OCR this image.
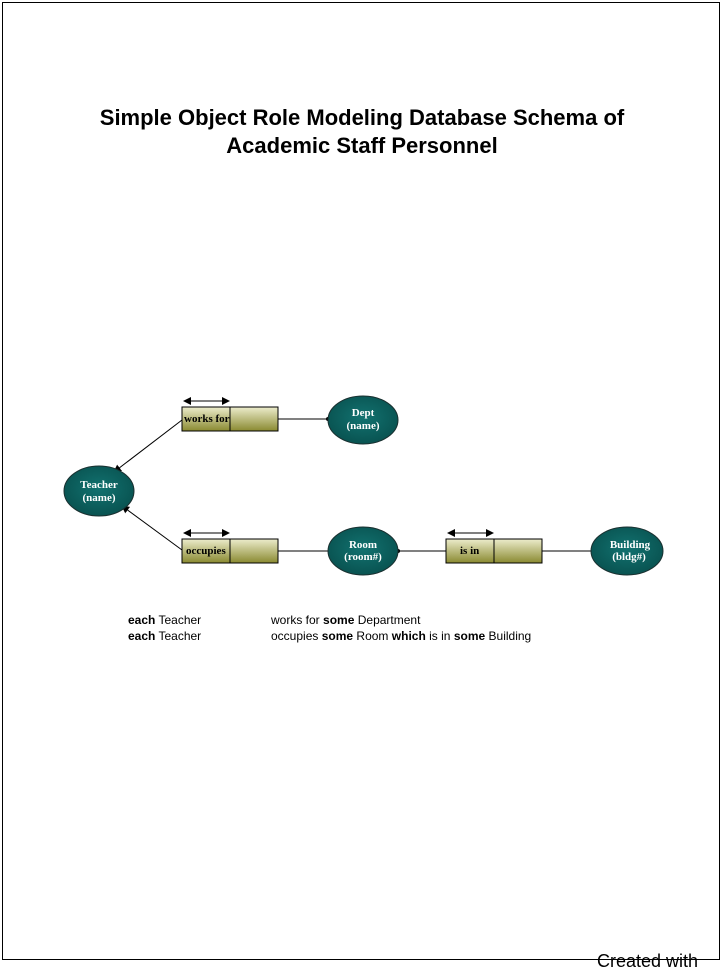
Simple Object Role Modeling Database Schema of
Academic Staff Personnel
works for
occupies	is in
Teacher
(name)
Dept
(name)
Room
(room#)
Building
(bldg#)
each Teacher	works for some Department
each Teacher	occupies some Room which is in some Building
Created with
